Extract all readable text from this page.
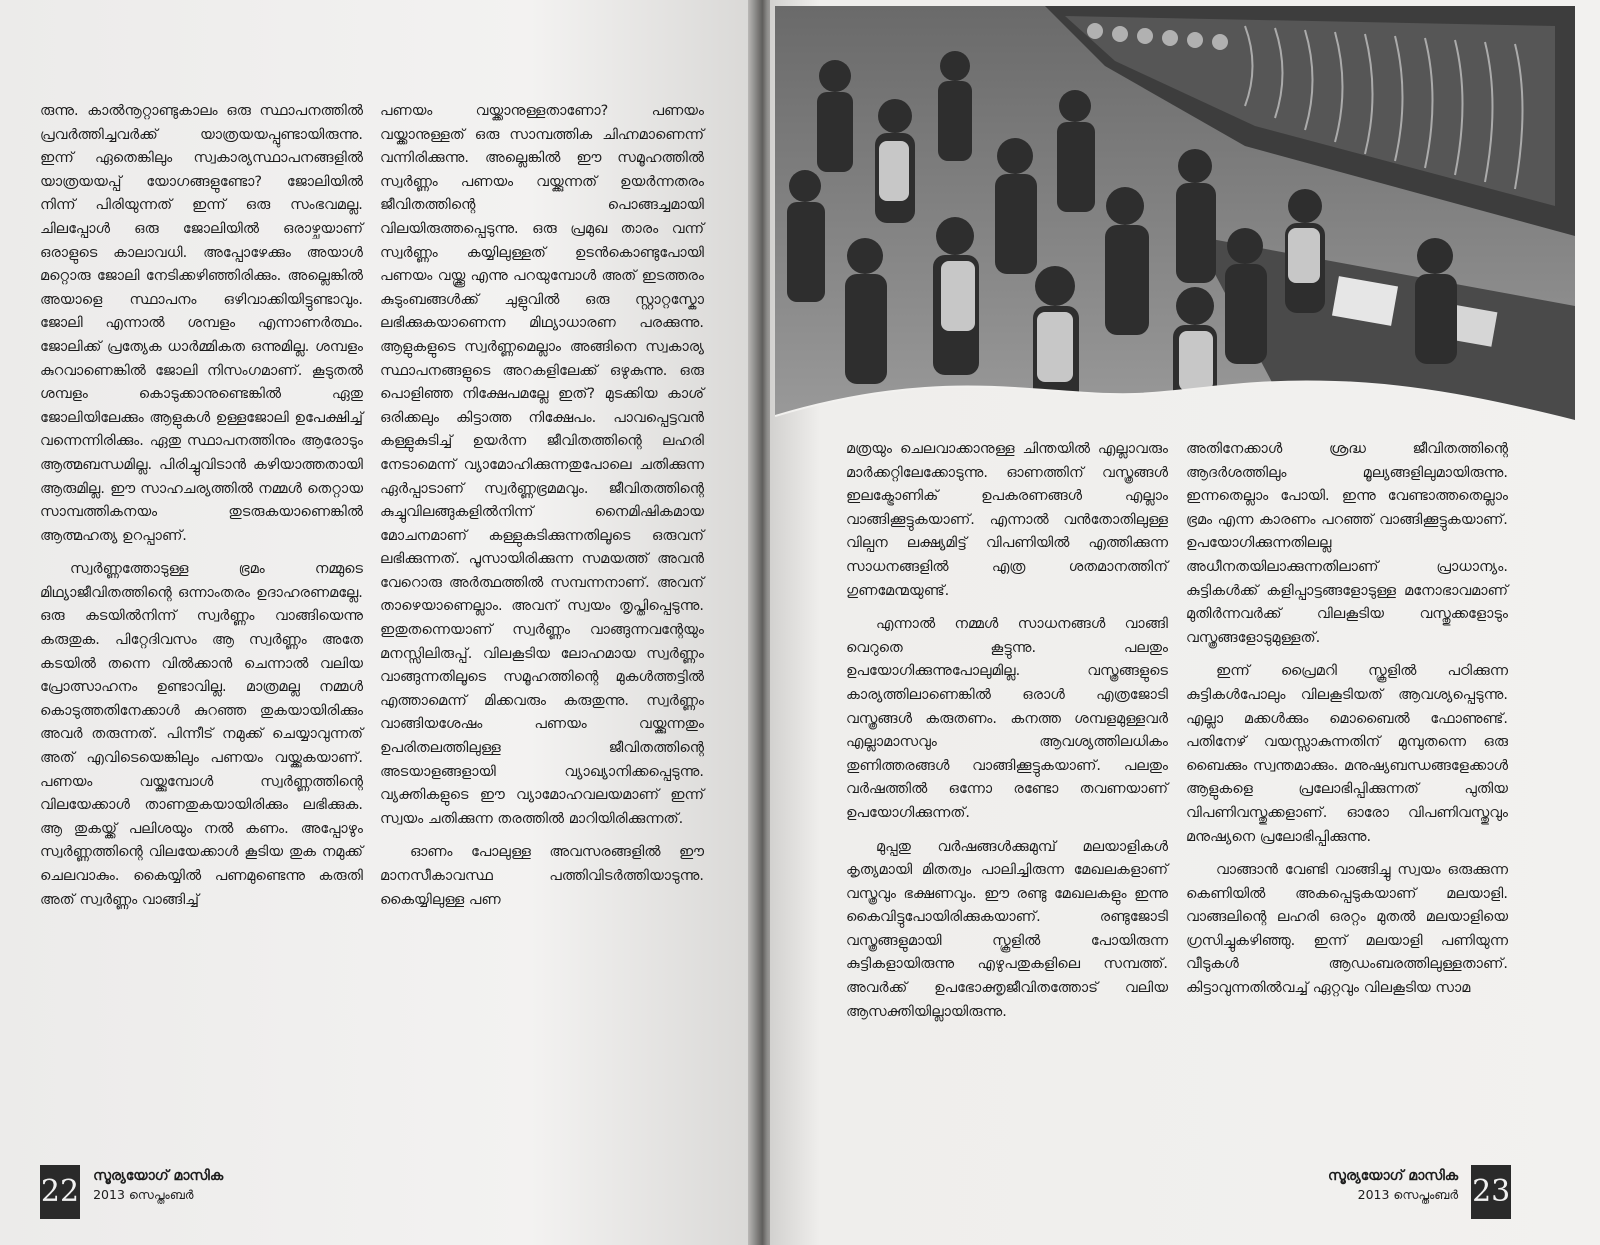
രുന്നു. കാൽനൂറ്റാണ്ടുകാലം ഒരു സ്ഥാപനത്തിൽ പ്രവർത്തിച്ചവർക്ക് യാത്രയയപ്പുണ്ടായിരുന്നു. ഇന്ന് ഏതെങ്കിലും സ്വകാര്യസ്ഥാപനങ്ങളിൽ യാത്രയയപ്പ് യോഗങ്ങളുണ്ടോ? ജോലിയിൽ നിന്ന് പിരിയുന്നത് ഇന്ന് ഒരു സംഭവമല്ല. ചിലപ്പോൾ ഒരു ജോലിയിൽ ഒരാഴ്ചയാണ് ഒരാളുടെ കാലാവധി. അപ്പോഴേക്കും അയാൾ മറ്റൊരു ജോലി നേടിക്കഴിഞ്ഞിരിക്കും. അല്ലെങ്കിൽ അയാളെ സ്ഥാപനം ഒഴിവാക്കിയിട്ടുണ്ടാവും. ജോലി എന്നാൽ ശമ്പളം എന്നാണർത്ഥം. ജോലിക്ക് പ്രത്യേക ധാർമ്മികത ഒന്നുമില്ല. ശമ്പളം കുറവാണെങ്കിൽ ജോലി നിസംഗമാണ്. കൂടുതൽ ശമ്പളം കൊടുക്കാനുണ്ടെങ്കിൽ ഏതു ജോലിയിലേക്കും ആളുകൾ ഉള്ളജോലി ഉപേക്ഷിച്ച് വന്നെന്നിരിക്കും. ഏതു സ്ഥാപനത്തിനും ആരോടും ആത്മബന്ധമില്ല. പിരിച്ചുവിടാൻ കഴിയാത്തതായി ആരുമില്ല. ഈ സാഹചര്യത്തിൽ നമ്മൾ തെറ്റായ സാമ്പത്തികനയം തുടരുകയാണെങ്കിൽ ആത്മഹത്യ ഉറപ്പാണ്.

സ്വർണ്ണത്തോടുള്ള ഭ്രമം നമ്മുടെ മിഥ്യാജീവിതത്തിന്റെ ഒന്നാംതരം ഉദാഹരണമല്ലേ. ഒരു കടയിൽനിന്ന് സ്വർണ്ണം വാങ്ങിയെന്നു കരുതുക. പിറ്റേദിവസം ആ സ്വർണ്ണം അതേ കടയിൽ തന്നെ വിൽക്കാൻ ചെന്നാൽ വലിയ പ്രോത്സാഹനം ഉണ്ടാവില്ല. മാത്രമല്ല നമ്മൾ കൊടുത്തതിനേക്കാൾ കുറഞ്ഞ തുകയായിരിക്കും അവർ തരുന്നത്. പിന്നീട് നമുക്ക് ചെയ്യാവുന്നത് അത് എവിടെയെങ്കിലും പണയം വയ്ക്കുകയാണ്. പണയം വയ്ക്കുമ്പോൾ സ്വർണ്ണത്തിന്റെ വിലയേക്കാൾ താണതുകയായിരിക്കും ലഭിക്കുക. ആ തുകയ്ക്ക് പലിശയും നൽ കണം. അപ്പോഴും സ്വർണ്ണത്തിന്റെ വിലയേക്കാൾ കൂടിയ തുക നമുക്ക് ചെലവാകും. കൈയ്യിൽ പണമുണ്ടെന്നു കരുതി അത് സ്വർണ്ണം വാങ്ങിച്ച്

പണയം വയ്ക്കാനുള്ളതാണോ? പണയം വയ്ക്കാനുള്ളത് ഒരു സാമ്പത്തിക ചിഹ്നമാണെന്ന് വന്നിരിക്കുന്നു. അല്ലെങ്കിൽ ഈ സമൂഹത്തിൽ സ്വർണ്ണം പണയം വയ്ക്കുന്നത് ഉയർന്നതരം ജീവിതത്തിന്റെ പൊങ്ങച്ചമായി വിലയിരുത്തപ്പെടുന്നു. ഒരു പ്രമുഖ താരം വന്ന് സ്വർണ്ണം കയ്യിലുള്ളത് ഉടൻകൊണ്ടുപോയി പണയം വയ്ക്കൂ എന്നു പറയുമ്പോൾ അത് ഇടത്തരം കുടുംബങ്ങൾക്ക് ചുളുവിൽ ഒരു സ്റ്റാറ്റസ്കോ ലഭിക്കുകയാണെന്ന മിഥ്യാധാരണ പരക്കുന്നു. ആളുകളുടെ സ്വർണ്ണമെല്ലാം അങ്ങിനെ സ്വകാര്യ സ്ഥാപനങ്ങളുടെ അറകളിലേക്ക് ഒഴുകുന്നു. ഒരു പൊളിഞ്ഞ നിക്ഷേപമല്ലേ ഇത്? മുടക്കിയ കാശ് ഒരിക്കലും കിട്ടാത്ത നിക്ഷേപം. പാവപ്പെട്ടവൻ കള്ളുകുടിച്ച് ഉയർന്ന ജീവിതത്തിന്റെ ലഹരി നേടാമെന്ന് വ്യാമോഹിക്കുന്നതുപോലെ ചതിക്കുന്ന ഏർപ്പാടാണ് സ്വർണ്ണഭ്രമമവും. ജീവിതത്തിന്റെ കുച്ചുവിലങ്ങുകളിൽനിന്ന് നൈമിഷികമായ മോചനമാണ് കള്ളുകുടിക്കുന്നതിലൂടെ ഒരുവന് ലഭിക്കുന്നത്. പൂസായിരിക്കുന്ന സമയത്ത് അവൻ വേറൊരു അർത്ഥത്തിൽ സമ്പന്നനാണ്. അവന് താഴെയാണെല്ലാം. അവന് സ്വയം തൃപ്തിപ്പെടുന്നു. ഇതുതന്നെയാണ് സ്വർണ്ണം വാങ്ങുന്നവന്റേയും മനസ്സിലിരുപ്പ്. വിലകൂടിയ ലോഹമായ സ്വർണ്ണം വാങ്ങുന്നതിലൂടെ സമൂഹത്തിന്റെ മുകൾത്തട്ടിൽ എത്താമെന്ന് മിക്കവരും കരുതുന്നു. സ്വർണ്ണം വാങ്ങിയശേഷം പണയം വയ്ക്കുന്നതും ഉപരിതലത്തിലുള്ള ജീവിതത്തിന്റെ അടയാളങ്ങളായി വ്യാഖ്യാനിക്കപ്പെടുന്നു. വ്യക്തികളുടെ ഈ വ്യാമോഹവലയമാണ് ഇന്ന് സ്വയം ചതിക്കുന്ന തരത്തിൽ മാറിയിരിക്കുന്നത്.

ഓണം പോലുള്ള അവസരങ്ങളിൽ ഈ മാനസീകാവസ്ഥ പത്തിവിടർത്തിയാടുന്നു. കൈയ്യിലുള്ള പണ

22 സൂര്യയോഗ് മാസിക
2013 സെപ്തംബർ

മത്രയും ചെലവാക്കാനുള്ള ചിന്തയിൽ എല്ലാവരും മാർക്കറ്റിലേക്കോടുന്നു. ഓണത്തിന് വസ്ത്രങ്ങൾ ഇലക്ട്രോണിക് ഉപകരണങ്ങൾ എല്ലാം വാങ്ങിക്കൂട്ടുകയാണ്. എന്നാൽ വൻതോതിലുള്ള വില്പന ലക്ഷ്യമിട്ട് വിപണിയിൽ എത്തിക്കുന്ന സാധനങ്ങളിൽ എത്ര ശതമാനത്തിന് ഗുണമേന്മയുണ്ട്.

എന്നാൽ നമ്മൾ സാധനങ്ങൾ വാങ്ങി വെറുതെ കൂട്ടുന്നു. പലതും ഉപയോഗിക്കുന്നുപോലുമില്ല. വസ്ത്രങ്ങളുടെ കാര്യത്തിലാണെങ്കിൽ ഒരാൾ എത്രജോടി വസ്ത്രങ്ങൾ കരുതണം. കനത്ത ശമ്പളമുള്ളവർ എല്ലാമാസവും ആവശ്യത്തിലധികം തുണിത്തരങ്ങൾ വാങ്ങിക്കൂട്ടുകയാണ്. പലതും വർഷത്തിൽ ഒന്നോ രണ്ടോ തവണയാണ് ഉപയോഗിക്കുന്നത്.

മുപ്പതു വർഷങ്ങൾക്കുമുമ്പ് മലയാളികൾ കൃത്യമായി മിതത്വം പാലിച്ചിരുന്ന മേഖലകളാണ് വസ്ത്രവും ഭക്ഷണവും. ഈ രണ്ടു മേഖലകളും ഇന്നു കൈവിട്ടുപോയിരിക്കുകയാണ്. രണ്ടുജോടി വസ്ത്രങ്ങളുമായി സ്കൂളിൽ പോയിരുന്ന കുട്ടികളായിരുന്നു എഴുപതുകളിലെ സമ്പത്ത്. അവർക്ക് ഉപഭോക്തൃജീവിതത്തോട് വലിയ ആസക്തിയില്ലായിരുന്നു.

അതിനേക്കാൾ ശ്രദ്ധ ജീവിതത്തിന്റെ ആദർശത്തിലും മൂല്യങ്ങളിലുമായിരുന്നു. ഇന്നതെല്ലാം പോയി. ഇന്നു വേണ്ടാത്തതെല്ലാം ഭ്രമം എന്ന കാരണം പറഞ്ഞ് വാങ്ങിക്കൂട്ടുകയാണ്. ഉപയോഗിക്കുന്നതിലല്ല അധീനതയിലാക്കുന്നതിലാണ് പ്രാധാന്യം. കുട്ടികൾക്ക് കളിപ്പാട്ടങ്ങളോടുള്ള മനോഭാവമാണ് മുതിർന്നവർക്ക് വിലകൂടിയ വസ്തുക്കളോടും വസ്ത്രങ്ങളോടുമുള്ളത്.

ഇന്ന് പ്രൈമറി സ്കൂളിൽ പഠിക്കുന്ന കുട്ടികൾപോലും വിലകൂടിയത് ആവശ്യപ്പെടുന്നു. എല്ലാ മക്കൾക്കും മൊബൈൽ ഫോണുണ്ട്. പതിനേഴ് വയസ്സാകുന്നതിന് മുമ്പുതന്നെ ഒരു ബൈക്കും സ്വന്തമാക്കും. മനുഷ്യബന്ധങ്ങളേക്കാൾ ആളുകളെ പ്രലോഭിപ്പിക്കുന്നത് പുതിയ വിപണിവസ്തുക്കളാണ്. ഓരോ വിപണിവസ്തുവും മനുഷ്യനെ പ്രലോഭിപ്പിക്കുന്നു.

വാങ്ങാൻ വേണ്ടി വാങ്ങിച്ചു സ്വയം ഒരുക്കുന്ന കെണിയിൽ അകപ്പെടുകയാണ് മലയാളി. വാങ്ങലിന്റെ ലഹരി ഒരറ്റം മുതൽ മലയാളിയെ ഗ്രസിച്ചുകഴിഞ്ഞു. ഇന്ന് മലയാളി പണിയുന്ന വീടുകൾ ആഡംബരത്തിലുള്ളതാണ്. കിട്ടാവുന്നതിൽവച്ച് ഏറ്റവും വിലകൂടിയ സാമ

സൂര്യയോഗ് മാസിക
2013 സെപ്തംബർ 23
